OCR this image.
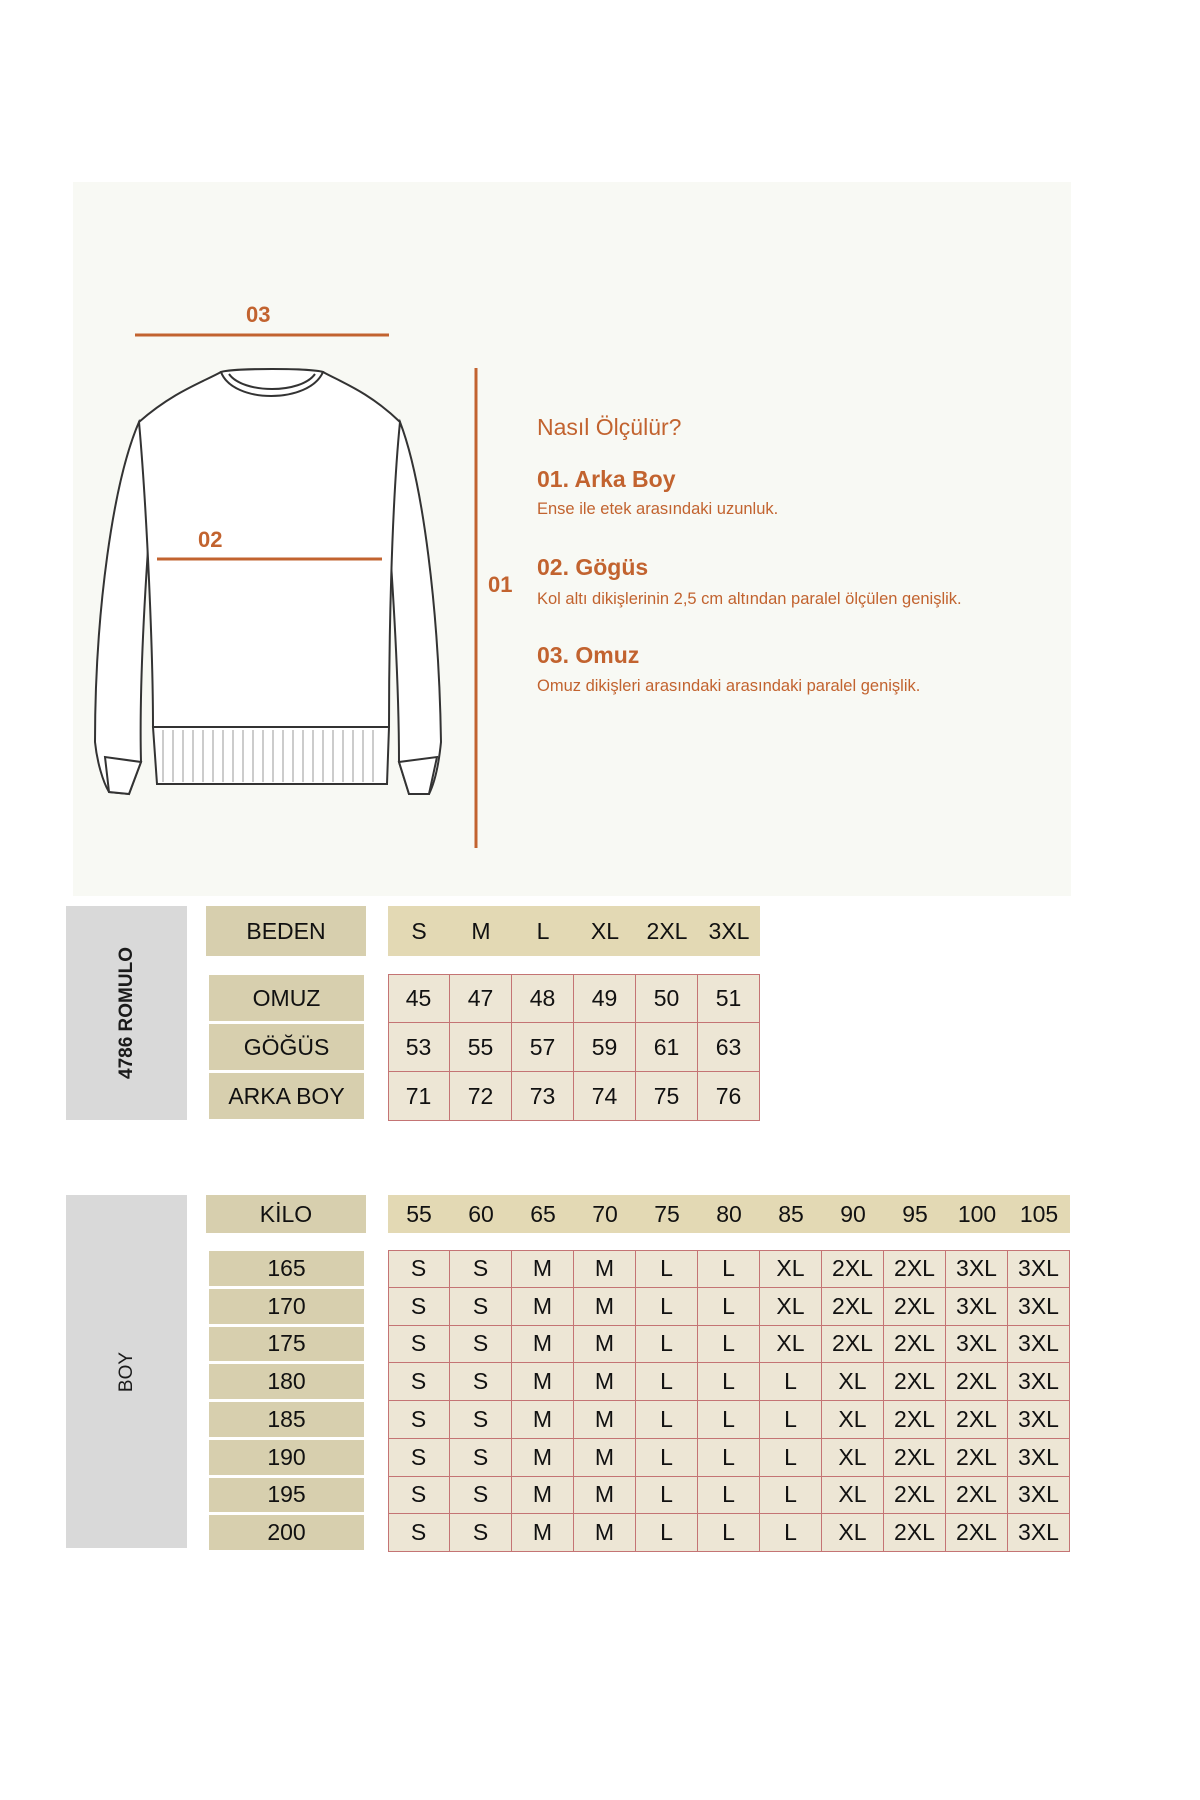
03
02
01
Nasıl Ölçülür?
01. Arka Boy
Ense ile etek arasındaki uzunluk.
02. Gögüs
Kol altı dikişlerinin 2,5 cm altından paralel ölçülen genişlik.
03. Omuz
Omuz dikişleri arasındaki arasındaki paralel genişlik.
4786 ROMULO
BEDEN	S	M	L	XL	2XL 3XL
OMUZ	45	47	48	49	50	51
GÖĞÜS	53	55	57	59	61	63
ARKA BOY	71	72	73	74	75	76
BOY
KİLO	55	60	65	70	75	80	85	90	95	100	105
165	S	S	M	M	L	L	XL	2XL 2XL 3XL 3XL
170	S	S	M	M	L	L	XL	2XL 2XL 3XL 3XL
175	S	S	M	M	L	L	XL	2XL 2XL 3XL 3XL
180	S	S	M	M	L	L	L	XL	2XL 2XL 3XL
185	S	S	M	M	L	L	L	XL	2XL 2XL 3XL
190	S	S	M	M	L	L	L	XL	2XL 2XL 3XL
195	S	S	M	M	L	L	L	XL	2XL 2XL 3XL
200	S	S	M	M	L	L	L	XL	2XL 2XL 3XL
